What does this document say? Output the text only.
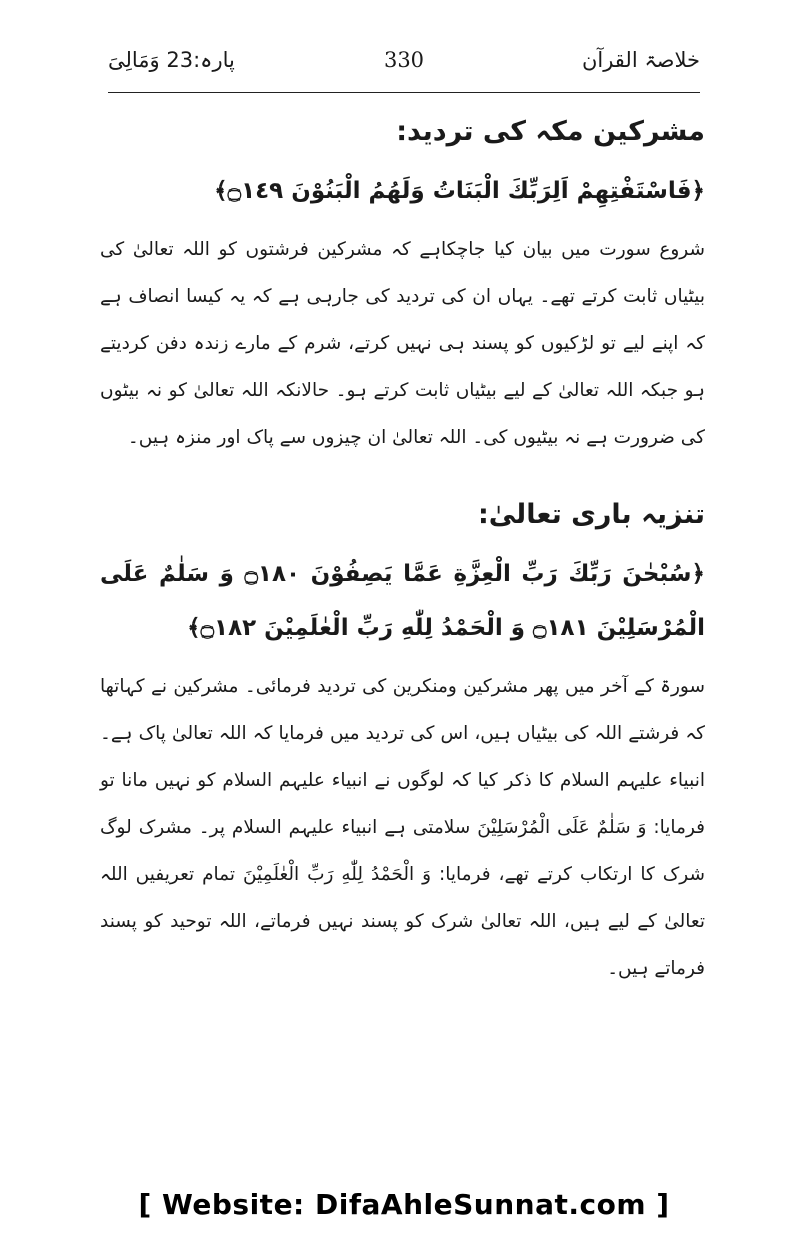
خلاصۃ القرآن
330
پارہ:23 وَمَالِیَ
مشرکین مکہ کی تردید:

﴿فَاسْتَفْتِهِمْ اَلِرَبِّكَ الْبَنَاتُ وَلَهُمُ الْبَنُوْنَ ۝١٤٩﴾

شروع سورت میں بیان کیا جاچکاہے کہ مشرکین فرشتوں کو اللہ تعالیٰ کی بیٹیاں ثابت کرتے تھے۔ یہاں ان کی تردید کی جارہی ہے کہ یہ کیسا انصاف ہے کہ اپنے لیے تو لڑکیوں کو پسند ہی نہیں کرتے، شرم کے مارے زندہ دفن کردیتے ہو جبکہ اللہ تعالیٰ کے لیے بیٹیاں ثابت کرتے ہو۔ حالانکہ اللہ تعالیٰ کو نہ بیٹوں کی ضرورت ہے نہ بیٹیوں کی۔ اللہ تعالیٰ ان چیزوں سے پاک اور منزہ ہیں۔

تنزیہ باری تعالیٰ:

﴿سُبْحٰنَ رَبِّكَ رَبِّ الْعِزَّةِ عَمَّا يَصِفُوْنَ ۝١٨٠ وَ سَلٰمٌ عَلَى الْمُرْسَلِيْنَ ۝١٨١ وَ الْحَمْدُ لِلّٰهِ رَبِّ الْعٰلَمِيْنَ ۝١٨٢﴾

سورۃ کے آخر میں پھر مشرکین ومنکرین کی تردید فرمائی۔ مشرکین نے کہاتھا کہ فرشتے اللہ کی بیٹیاں ہیں، اس کی تردید میں فرمایا کہ اللہ تعالیٰ پاک ہے۔ انبیاء علیہم السلام کا ذکر کیا کہ لوگوں نے انبیاء علیہم السلام کو نہیں مانا تو فرمایا: وَ سَلٰمٌ عَلَى الْمُرْسَلِيْنَ سلامتی ہے انبیاء علیہم السلام پر۔ مشرک لوگ شرک کا ارتکاب کرتے تھے، فرمایا: وَ الْحَمْدُ لِلّٰهِ رَبِّ الْعٰلَمِيْنَ تمام تعریفیں اللہ تعالیٰ کے لیے ہیں، اللہ تعالیٰ شرک کو پسند نہیں فرماتے، اللہ توحید کو پسند فرماتے ہیں۔

[ Website: DifaAhleSunnat.com ]
